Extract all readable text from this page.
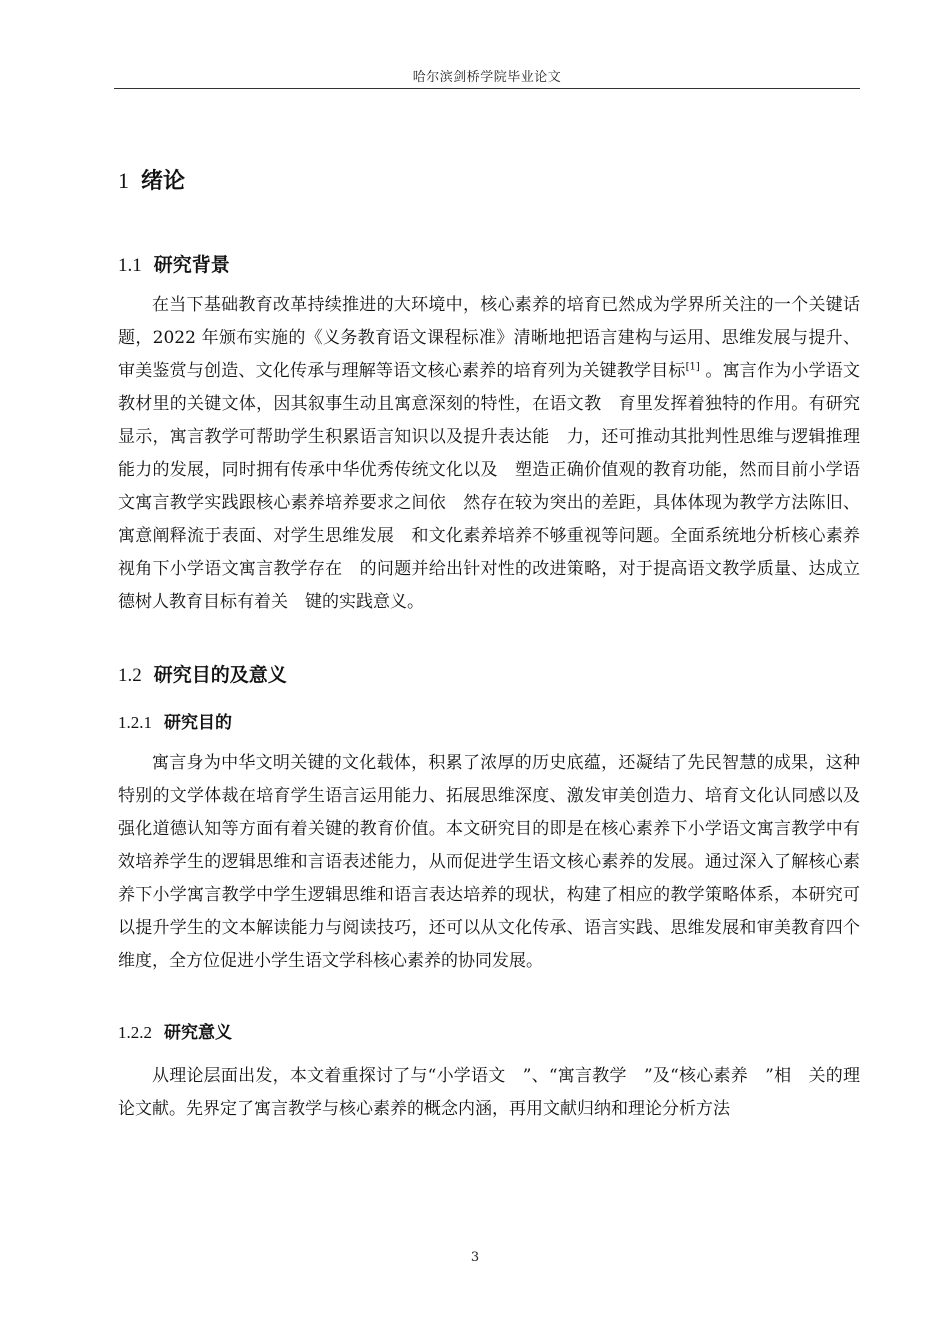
哈尔滨剑桥学院毕业论文
1 绪论
1.1 研究背景

在当下基础教育改革持续推进的大环境中，核心素养的培育已然成为学界所关注的一个关键话题，2022 年颁布实施的《义务教育语文课程标准》清晰地把语言建构与运用、思维发展与提升、审美鉴赏与创造、文化传承与理解等语文核心素养的培育列为关键教学目标[1] 。寓言作为小学语文教材里的关键文体，因其叙事生动且寓意深刻的特性，在语文教　育里发挥着独特的作用。有研究显示，寓言教学可帮助学生积累语言知识以及提升表达能　力，还可推动其批判性思维与逻辑推理能力的发展，同时拥有传承中华优秀传统文化以及　塑造正确价值观的教育功能，然而目前小学语文寓言教学实践跟核心素养培养要求之间依　然存在较为突出的差距，具体体现为教学方法陈旧、寓意阐释流于表面、对学生思维发展　和文化素养培养不够重视等问题。全面系统地分析核心素养视角下小学语文寓言教学存在　的问题并给出针对性的改进策略，对于提高语文教学质量、达成立德树人教育目标有着关　键的实践意义。

1.2 研究目的及意义
1.2.1 研究目的

寓言身为中华文明关键的文化载体，积累了浓厚的历史底蕴，还凝结了先民智慧的成果，这种特别的文学体裁在培育学生语言运用能力、拓展思维深度、激发审美创造力、培育文化认同感以及强化道德认知等方面有着关键的教育价值。本文研究目的即是在核心素养下小学语文寓言教学中有效培养学生的逻辑思维和言语表述能力，从而促进学生语文核心素养的发展。通过深入了解核心素养下小学寓言教学中学生逻辑思维和语言表达培养的现状，构建了相应的教学策略体系，本研究可以提升学生的文本解读能力与阅读技巧，还可以从文化传承、语言实践、思维发展和审美教育四个维度，全方位促进小学生语文学科核心素养的协同发展。

1.2.2 研究意义

从理论层面出发，本文着重探讨了与“小学语文　”、“寓言教学　”及“核心素养　”相　关的理论文献。先界定了寓言教学与核心素养的概念内涵，再用文献归纳和理论分析方法

3
